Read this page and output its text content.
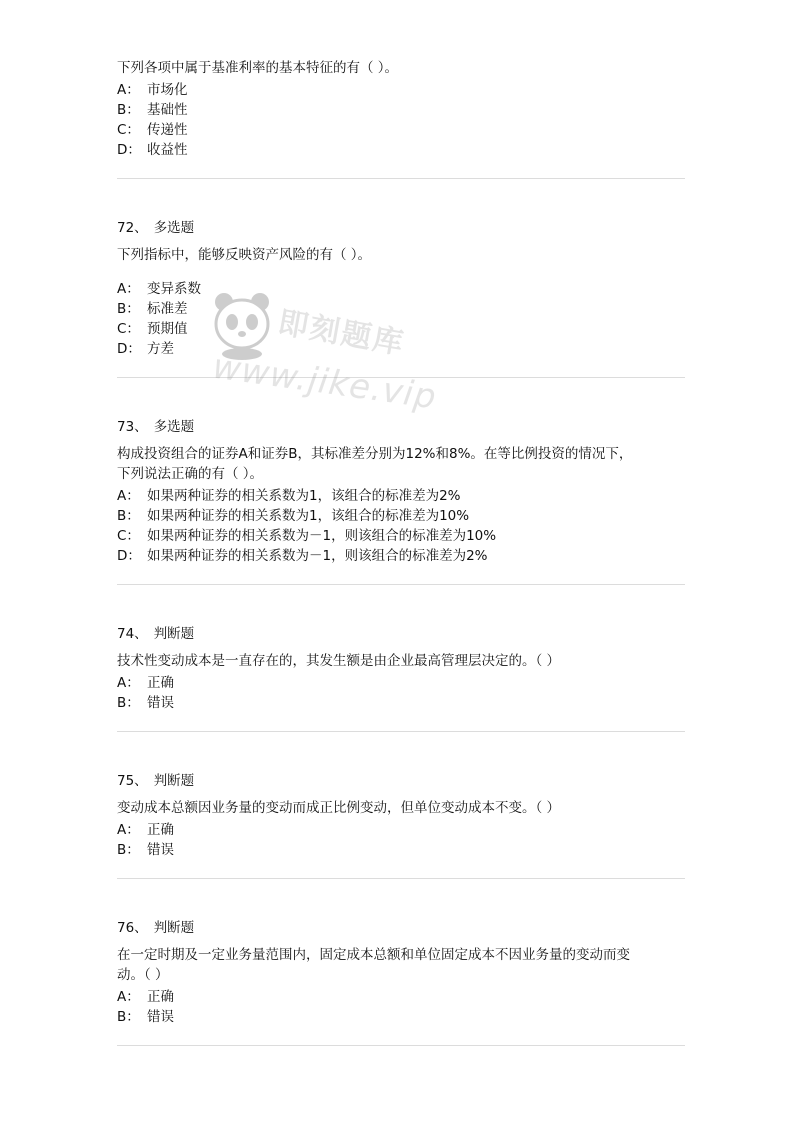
下列各项中属于基准利率的基本特征的有（ ）。
A： 市场化
B： 基础性
C： 传递性
D： 收益性
72、 多选题
下列指标中，能够反映资产风险的有（ ）。
A： 变异系数
B： 标准差
C： 预期值
D： 方差
73、 多选题
构成投资组合的证券A和证券B，其标准差分别为12%和8%。在等比例投资的情况下，
下列说法正确的有（ ）。
A： 如果两种证券的相关系数为1，该组合的标准差为2%
B： 如果两种证券的相关系数为1，该组合的标准差为10%
C： 如果两种证券的相关系数为－1，则该组合的标准差为10%
D： 如果两种证券的相关系数为－1，则该组合的标准差为2%
74、 判断题
技术性变动成本是一直存在的，其发生额是由企业最高管理层决定的。（ ）
A： 正确
B： 错误
75、 判断题
变动成本总额因业务量的变动而成正比例变动，但单位变动成本不变。（ ）
A： 正确
B： 错误
76、 判断题
在一定时期及一定业务量范围内，固定成本总额和单位固定成本不因业务量的变动而变
动。（ ）
A： 正确
B： 错误
即刻题库
www.jike.vip
